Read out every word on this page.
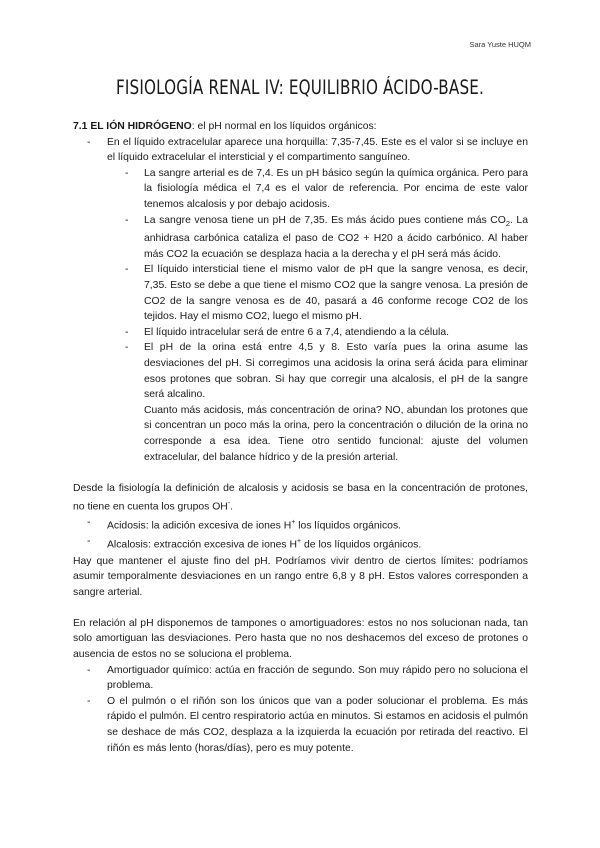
Sara Yuste HUQM
FISIOLOGÍA RENAL IV: EQUILIBRIO ÁCIDO-BASE.

7.1 EL IÓN HIDRÓGENO: el pH normal en los líquidos orgánicos:

- En el líquido extracelular aparece una horquilla: 7,35-7,45. Este es el valor si se incluye en el líquido extracelular el intersticial y el compartimento sanguíneo.
- La sangre arterial es de 7,4. Es un pH básico según la química orgánica. Pero para la fisiología médica el 7,4 es el valor de referencia. Por encima de este valor tenemos alcalosis y por debajo acidosis.
- La sangre venosa tiene un pH de 7,35. Es más ácido pues contiene más $CO_2$. La anhidrasa carbónica cataliza el paso de CO2 + H20 a ácido carbónico. Al haber más CO2 la ecuación se desplaza hacia a la derecha y el pH será más ácido.
- El líquido intersticial tiene el mismo valor de pH que la sangre venosa, es decir, 7,35. Esto se debe a que tiene el mismo CO2 que la sangre venosa. La presión de CO2 de la sangre venosa es de 40, pasará a 46 conforme recoge CO2 de los tejidos. Hay el mismo CO2, luego el mismo pH.
- El líquido intracelular será de entre 6 a 7,4, atendiendo a la célula.
- El pH de la orina está entre 4,5 y 8. Esto varía pues la orina asume las desviaciones del pH. Si corregimos una acidosis la orina será ácida para eliminar esos protones que sobran. Si hay que corregir una alcalosis, el pH de la sangre será alcalino.

Cuanto más acidosis, más concentración de orina? NO, abundan los protones que si concentran un poco más la orina, pero la concentración o dilución de la orina no corresponde a esa idea. Tiene otro sentido funcional: ajuste del volumen extracelular, del balance hídrico y de la presión arterial.

Desde la fisiología la definición de alcalosis y acidosis se basa en la concentración de protones, no tiene en cuenta los grupos OH-.

- Acidosis: la adición excesiva de iones H+ los líquidos orgánicos.
- Alcalosis: extracción excesiva de iones H+ de los líquidos orgánicos.

Hay que mantener el ajuste fino del pH. Podríamos vivir dentro de ciertos límites: podríamos asumir temporalmente desviaciones en un rango entre 6,8 y 8 pH. Estos valores corresponden a sangre arterial.

En relación al pH disponemos de tampones o amortiguadores: estos no nos solucionan nada, tan solo amortiguan las desviaciones. Pero hasta que no nos deshacemos del exceso de protones o ausencia de estos no se soluciona el problema.

- Amortiguador químico: actúa en fracción de segundo. Son muy rápido pero no soluciona el problema.
- O el pulmón o el riñón son los únicos que van a poder solucionar el problema. Es más rápido el pulmón. El centro respiratorio actúa en minutos. Si estamos en acidosis el pulmón se deshace de más CO2, desplaza a la izquierda la ecuación por retirada del reactivo. El riñón es más lento (horas/días), pero es muy potente.
